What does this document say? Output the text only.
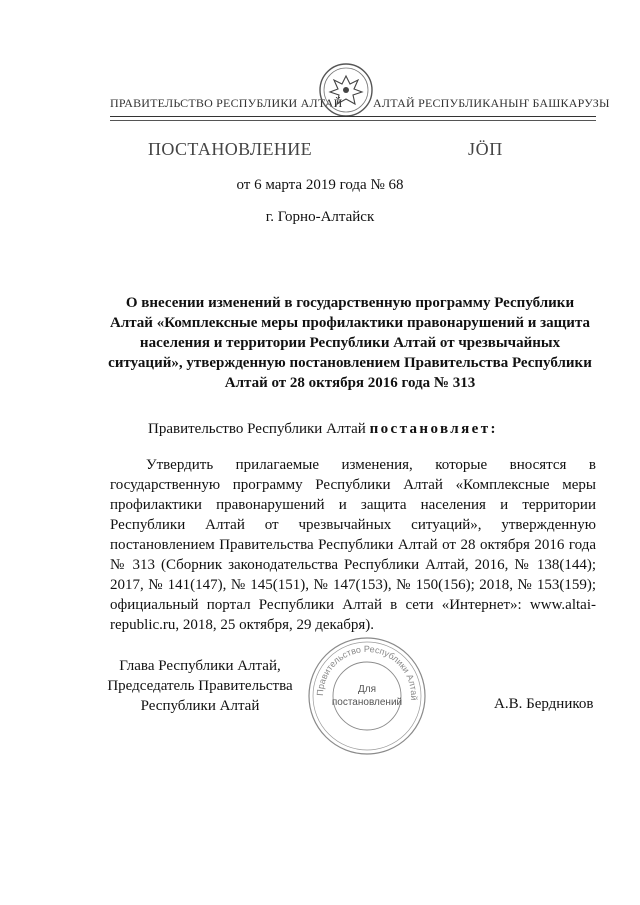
ПРАВИТЕЛЬСТВО РЕСПУБЛИКИ АЛТАЙ	АЛТАЙ РЕСПУБЛИКАНЫҤ БАШКАРУЗЫ
ПОСТАНОВЛЕНИЕ	ЈӦП
от 6 марта 2019 года № 68
г. Горно-Алтайск
О внесении изменений в государственную программу Республики Алтай «Комплексные меры профилактики правонарушений и защита населения и территории Республики Алтай от чрезвычайных ситуаций», утвержденную постановлением Правительства Республики Алтай от 28 октября 2016 года № 313
Правительство Республики Алтай постановляет:
Утвердить прилагаемые изменения, которые вносятся в государственную программу Республики Алтай «Комплексные меры профилактики правонарушений и защита населения и территории Республики Алтай от чрезвычайных ситуаций», утвержденную постановлением Правительства Республики Алтай от 28 октября 2016 года № 313 (Сборник законодательства Республики Алтай, 2016, № 138(144); 2017, № 141(147), № 145(151), № 147(153), № 150(156); 2018, № 153(159); официальный портал Республики Алтай в сети «Интернет»: www.altai-republic.ru, 2018, 25 октября, 29 декабря).
Глава Республики Алтай,
Председатель Правительства
Республики Алтай
Правительство Республики Алтай
Для
постановлений	А.В. Бердников
